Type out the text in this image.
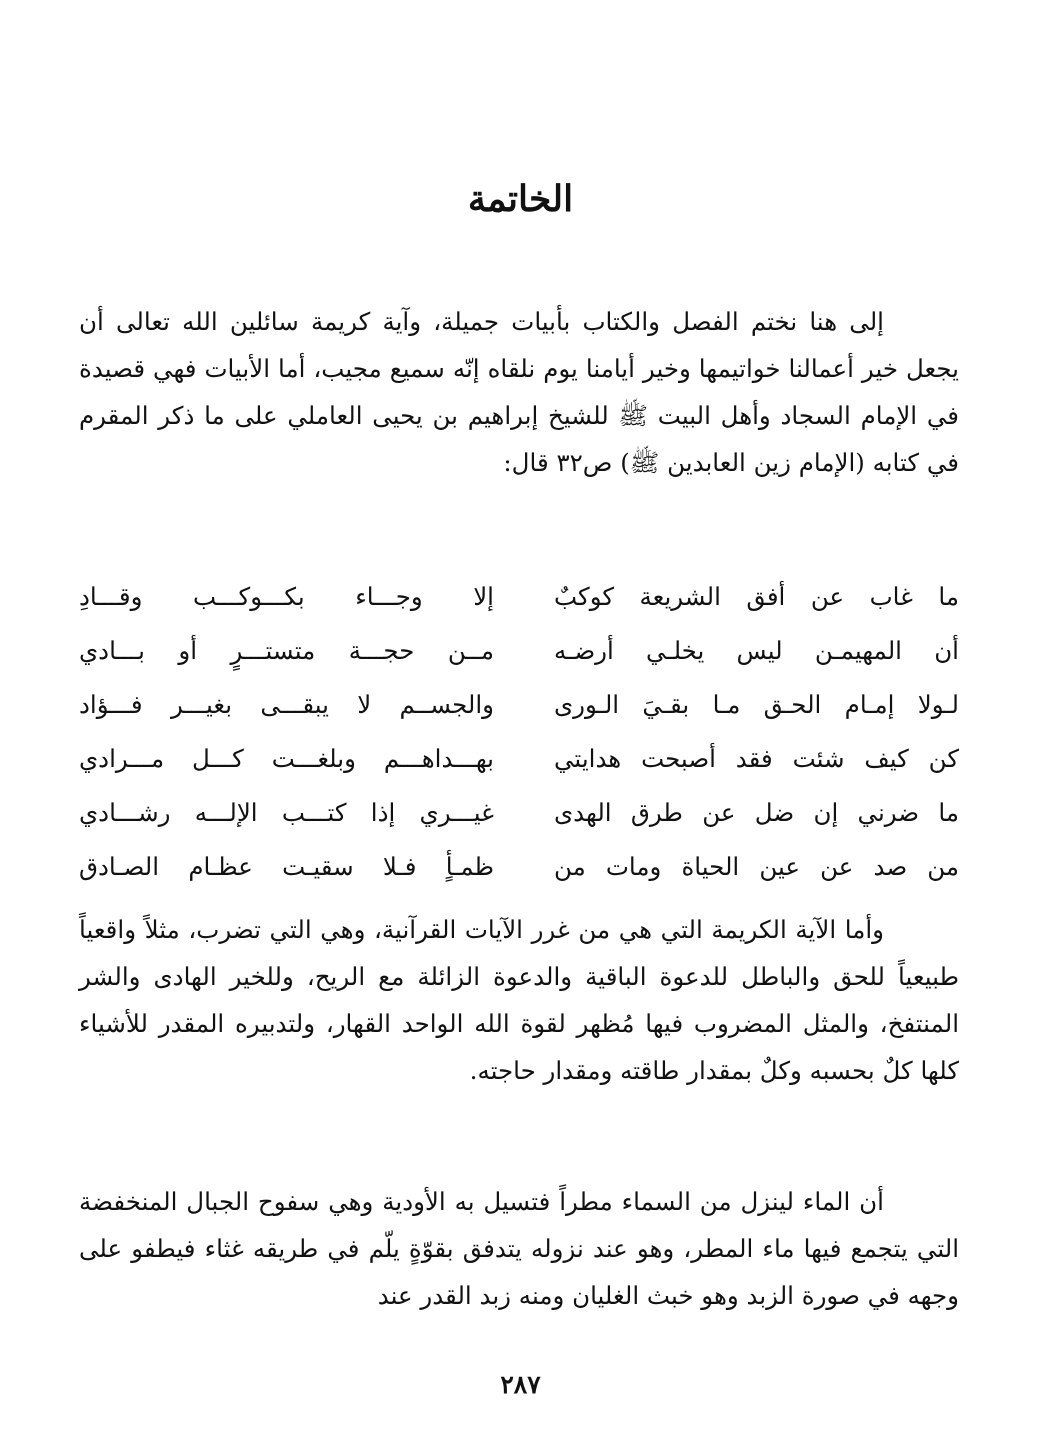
الخاتمة

إلى هنا نختم الفصل والكتاب بأبيات جميلة، وآية كريمة سائلين الله تعالى أن يجعل خير أعمالنا خواتيمها وخير أيامنا يوم نلقاه إنّه سميع مجيب، أما الأبيات فهي قصيدة في الإمام السجاد وأهل البيت ﷺ للشيخ إبراهيم بن يحيى العاملي على ما ذكر المقرم في كتابه (الإمام زين العابدين ﷺ) ص٣٢ قال:

ما غاب عن أفق الشريعة كوكبٌ
إلا وجـــاء بكـــوكـــب وقـــادِ
أن المهيمـن ليس يخلـي أرضـه
مــن حجـــة متستـــرٍ أو بـــادي
لـولا إمـام الحـق مـا بقـيَ الـورى
والجســم لا يبقـــى بغيـــر فـــؤاد
كن كيف شئت فقد أصبحت هدايتي
بهـــداهـــم وبلغـــت كـــل مـــرادي
ما ضرني إن ضل عن طرق الهدى
غيـــري إذا كتـــب الإلـــه رشـــادي
من صد عن عين الحياة ومات من
ظمـأٍ فـلا سقيـت عظـام الصـادق

وأما الآية الكريمة التي هي من غرر الآيات القرآنية، وهي التي تضرب، مثلاً واقعياً طبيعياً للحق والباطل للدعوة الباقية والدعوة الزائلة مع الريح، وللخير الهادى والشر المنتفخ، والمثل المضروب فيها مُظهر لقوة الله الواحد القهار، ولتدبيره المقدر للأشياء كلها كلٌ بحسبه وكلٌ بمقدار طاقته ومقدار حاجته.

أن الماء لينزل من السماء مطراً فتسيل به الأودية وهي سفوح الجبال المنخفضة التي يتجمع فيها ماء المطر، وهو عند نزوله يتدفق بقوّةٍ يلّم في طريقه غثاء فيطفو على وجهه في صورة الزبد وهو خبث الغليان ومنه زبد القدر عند

٢٨٧
